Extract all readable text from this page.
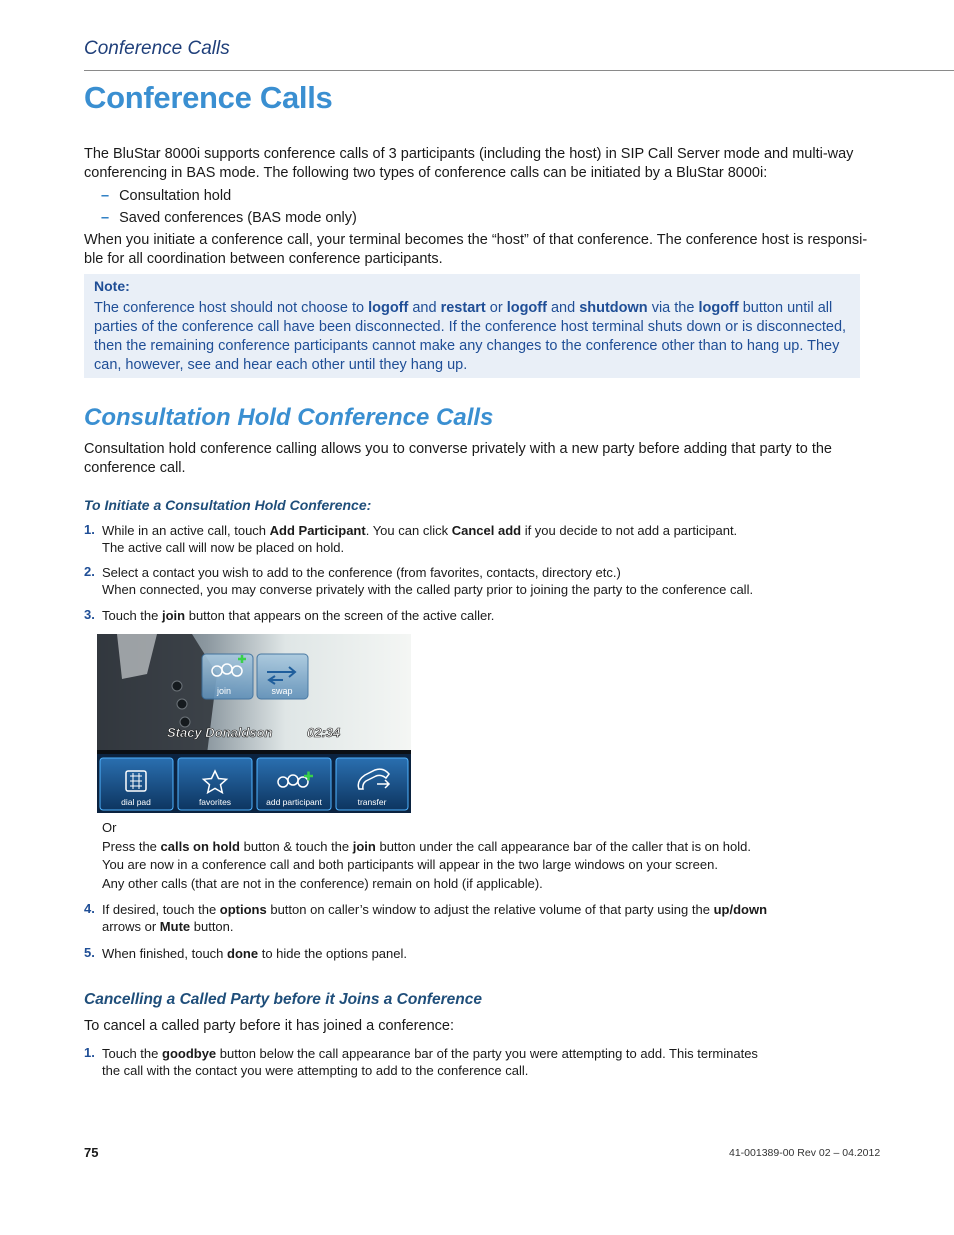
Conference Calls
Conference Calls
The BluStar 8000i supports conference calls of 3 participants (including the host) in SIP Call Server mode and multi-way
conferencing in BAS mode. The following two types of conference calls can be initiated by a BluStar 8000i:
– Consultation hold
– Saved conferences (BAS mode only)
When you initiate a conference call, your terminal becomes the “host” of that conference. The conference host is responsi-
ble for all coordination between conference participants.
Note:
The conference host should not choose to logoff and restart or logoff and shutdown via the logoff button until all
parties of the conference call have been disconnected. If the conference host terminal shuts down or is disconnected,
then the remaining conference participants cannot make any changes to the conference other than to hang up. They
can, however, see and hear each other until they hang up.
Consultation Hold Conference Calls
Consultation hold conference calling allows you to converse privately with a new party before adding that party to the
conference call.
To Initiate a Consultation Hold Conference:
1. While in an active call, touch Add Participant. You can click Cancel add if you decide to not add a participant.
The active call will now be placed on hold.
2. Select a contact you wish to add to the conference (from favorites, contacts, directory etc.)
When connected, you may converse privately with the called party prior to joining the party to the conference call.
3. Touch the join button that appears on the screen of the active caller.
join	swap
Stacy Donaldson	02:34
dial pad	favorites	add participant	transfer
Or
Press the calls on hold button & touch the join button under the call appearance bar of the caller that is on hold.
You are now in a conference call and both participants will appear in the two large windows on your screen.
Any other calls (that are not in the conference) remain on hold (if applicable).
4. If desired, touch the options button on caller’s window to adjust the relative volume of that party using the up/down
arrows or Mute button.
5. When finished, touch done to hide the options panel.
Cancelling a Called Party before it Joins a Conference
To cancel a called party before it has joined a conference:
1. Touch the goodbye button below the call appearance bar of the party you were attempting to add. This terminates
the call with the contact you were attempting to add to the conference call.
75	41-001389-00 Rev 02 – 04.2012
